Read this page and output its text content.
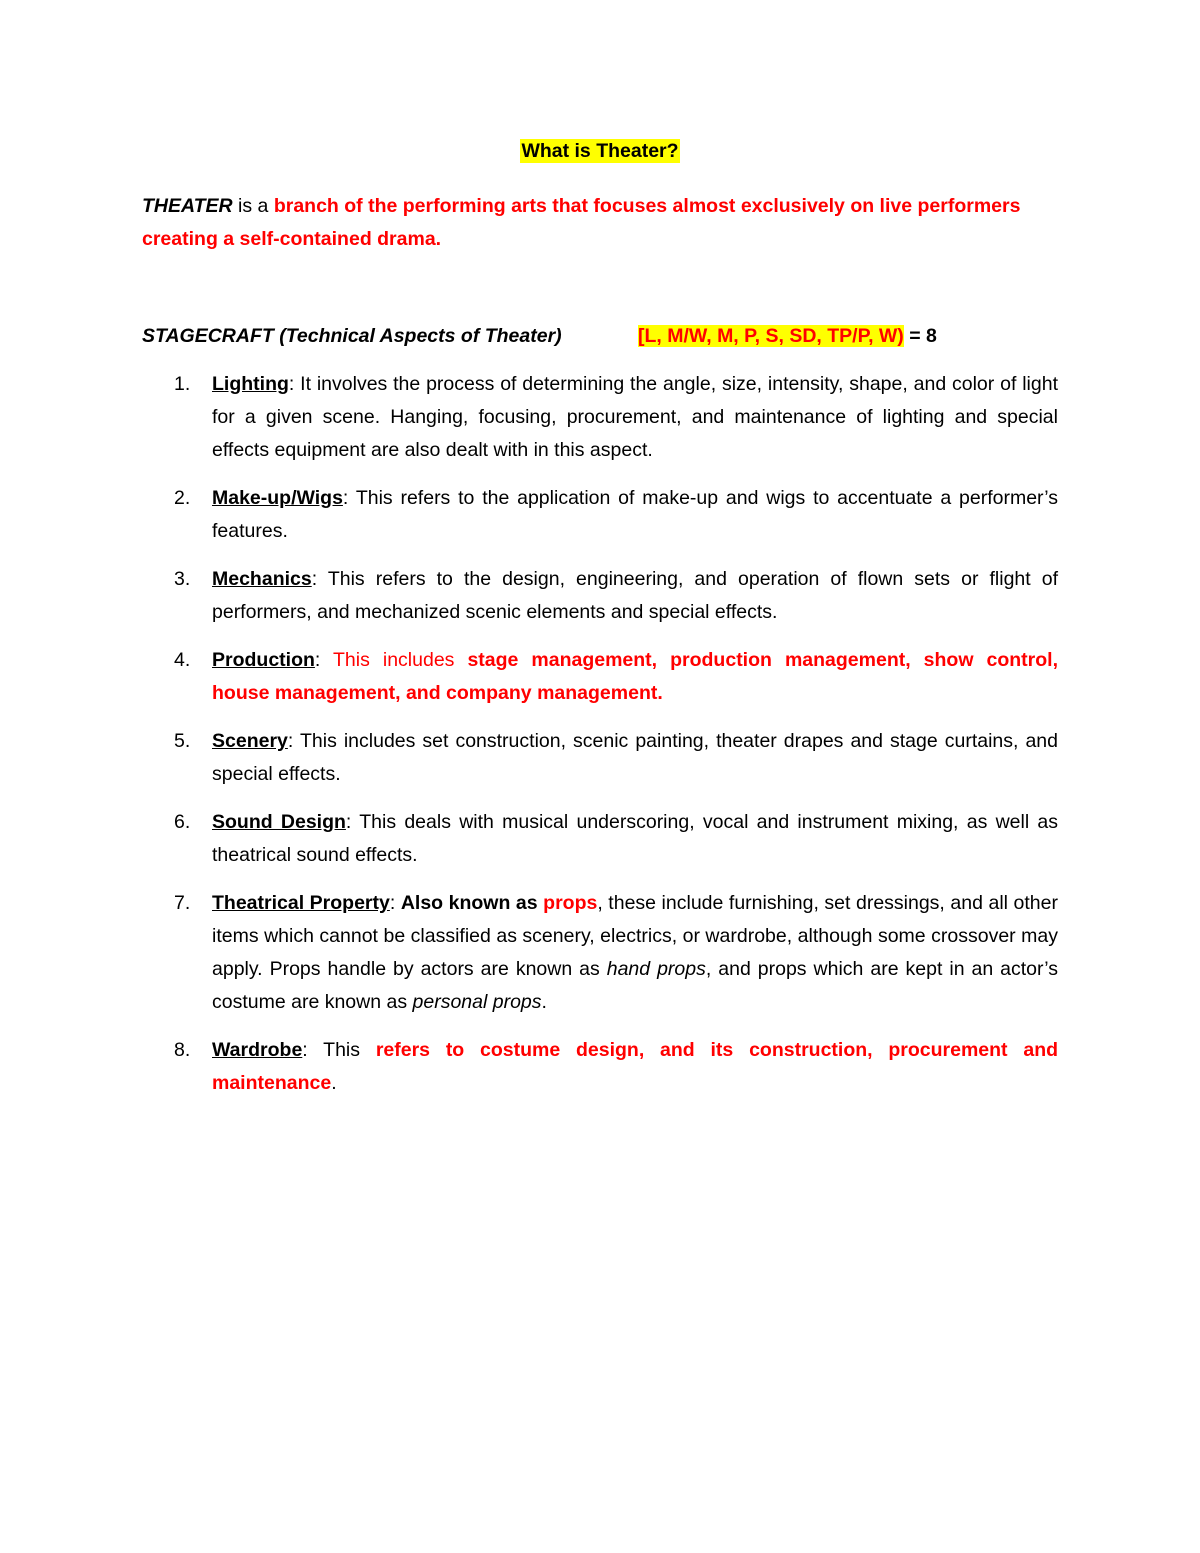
What is Theater?
THEATER is a branch of the performing arts that focuses almost exclusively on live performers creating a self-contained drama.
STAGECRAFT (Technical Aspects of Theater)	[L, M/W, M, P, S, SD, TP/P, W) = 8
1. Lighting: It involves the process of determining the angle, size, intensity, shape, and color of light for a given scene. Hanging, focusing, procurement, and maintenance of lighting and special effects equipment are also dealt with in this aspect.
2. Make-up/Wigs: This refers to the application of make-up and wigs to accentuate a performer’s features.
3. Mechanics: This refers to the design, engineering, and operation of flown sets or flight of performers, and mechanized scenic elements and special effects.
4. Production: This includes stage management, production management, show control, house management, and company management.
5. Scenery: This includes set construction, scenic painting, theater drapes and stage curtains, and special effects.
6. Sound Design: This deals with musical underscoring, vocal and instrument mixing, as well as theatrical sound effects.
7. Theatrical Property: Also known as props, these include furnishing, set dressings, and all other items which cannot be classified as scenery, electrics, or wardrobe, although some crossover may apply. Props handle by actors are known as hand props, and props which are kept in an actor’s costume are known as personal props.
8. Wardrobe: This refers to costume design, and its construction, procurement and maintenance.
